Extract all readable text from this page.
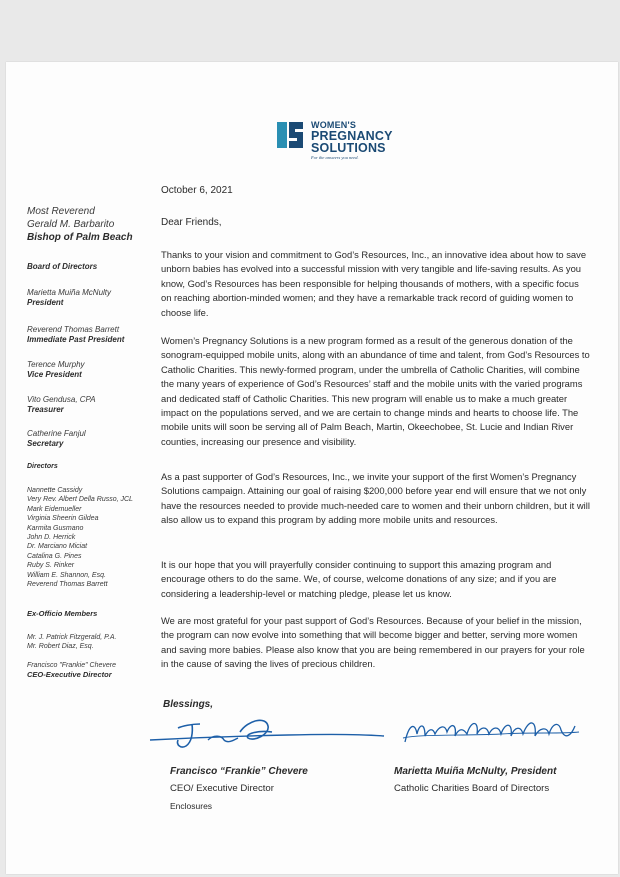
WOMEN'S
PREGNANCY
SOLUTIONS
For the answers you need.
Most Reverend
Gerald M. Barbarito
Bishop of Palm Beach
Board of Directors
Marietta Muiña McNulty
President
Reverend Thomas Barrett
Immediate Past President
Terence Murphy
Vice President
Vito Gendusa, CPA
Treasurer
Catherine Fanjul
Secretary
Directors
Nannette Cassidy
Very Rev. Albert Della Russo, JCL
Mark Eidemueller
Virginia Sheerin Gildea
Karmita Gusmano
John D. Herrick
Dr. Marciano Miciat
Catalina G. Pines
Ruby S. Rinker
William E. Shannon, Esq.
Reverend Thomas Barrett
Ex-Officio Members
Mr. J. Patrick Fitzgerald, P.A.
Mr. Robert Diaz, Esq.
Francisco "Frankie" Chevere
CEO-Executive Director
October 6, 2021
Dear Friends,

Thanks to your vision and commitment to God’s Resources, Inc., an innovative idea about how to save unborn babies has evolved into a successful mission with very tangible and life-saving results. As you know, God’s Resources has been responsible for helping thousands of mothers, with a specific focus on reaching abortion-minded women; and they have a remarkable track record of guiding women to choose life.

Women’s Pregnancy Solutions is a new program formed as a result of the generous donation of the sonogram-equipped mobile units, along with an abundance of time and talent, from God’s Resources to Catholic Charities. This newly-formed program, under the umbrella of Catholic Charities, will combine the many years of experience of God’s Resources’ staff and the mobile units with the varied programs and dedicated staff of Catholic Charities. This new program will enable us to make a much greater impact on the populations served, and we are certain to change minds and hearts to choose life. The mobile units will soon be serving all of Palm Beach, Martin, Okeechobee, St. Lucie and Indian River counties, increasing our presence and visibility.

As a past supporter of God’s Resources, Inc., we invite your support of the first Women’s Pregnancy Solutions campaign. Attaining our goal of raising $200,000 before year end will ensure that we not only have the resources needed to provide much-needed care to women and their unborn children, but it will also allow us to expand this program by adding more mobile units and resources.

It is our hope that you will prayerfully consider continuing to support this amazing program and encourage others to do the same. We, of course, welcome donations of any size; and if you are considering a leadership-level or matching pledge, please let us know.

We are most grateful for your past support of God’s Resources. Because of your belief in the mission, the program can now evolve into something that will become bigger and better, serving more women and saving more babies. Please also know that you are being remembered in our prayers for your role in the cause of saving the lives of precious children.

Blessings,
Francisco “Frankie” Chevere
CEO/ Executive Director
Enclosures
Marietta Muiña McNulty, President
Catholic Charities Board of Directors
